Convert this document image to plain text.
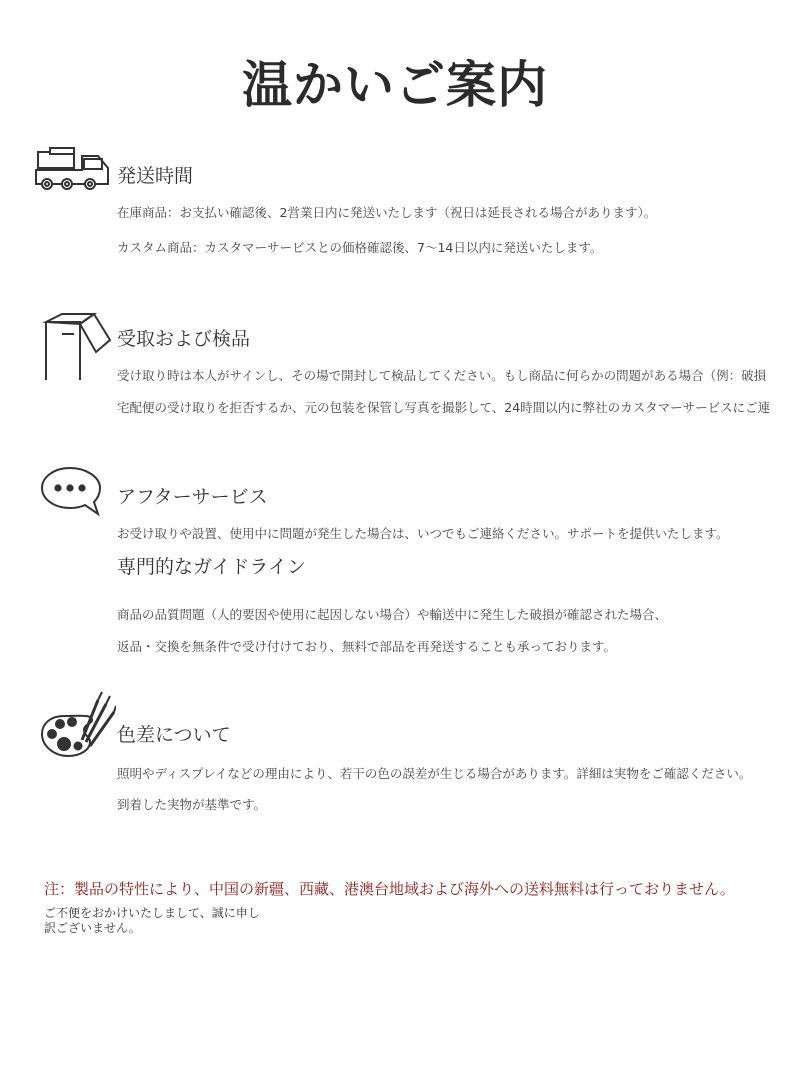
温かいご案内
発送時間
在庫商品：お支払い確認後、2営業日内に発送いたします（祝日は延長される場合があります）。
カスタム商品：カスタマーサービスとの価格確認後、7〜14日以内に発送いたします。
受取および検品
受け取り時は本人がサインし、その場で開封して検品してください。もし商品に何らかの問題がある場合（例：破損
宅配便の受け取りを拒否するか、元の包装を保管し写真を撮影して、24時間以内に弊社のカスタマーサービスにご連
アフターサービス
お受け取りや設置、使用中に問題が発生した場合は、いつでもご連絡ください。サポートを提供いたします。
専門的なガイドライン
商品の品質問題（人的要因や使用に起因しない場合）や輸送中に発生した破損が確認された場合、
返品・交換を無条件で受け付けており、無料で部品を再発送することも承っております。
色差について
照明やディスプレイなどの理由により、若干の色の誤差が生じる場合があります。詳細は実物をご確認ください。
到着した実物が基準です。
注：製品の特性により、中国の新疆、西藏、港澳台地域および海外への送料無料は行っておりません。
ご不便をおかけいたしまして、誠に申し
訳ございません。
